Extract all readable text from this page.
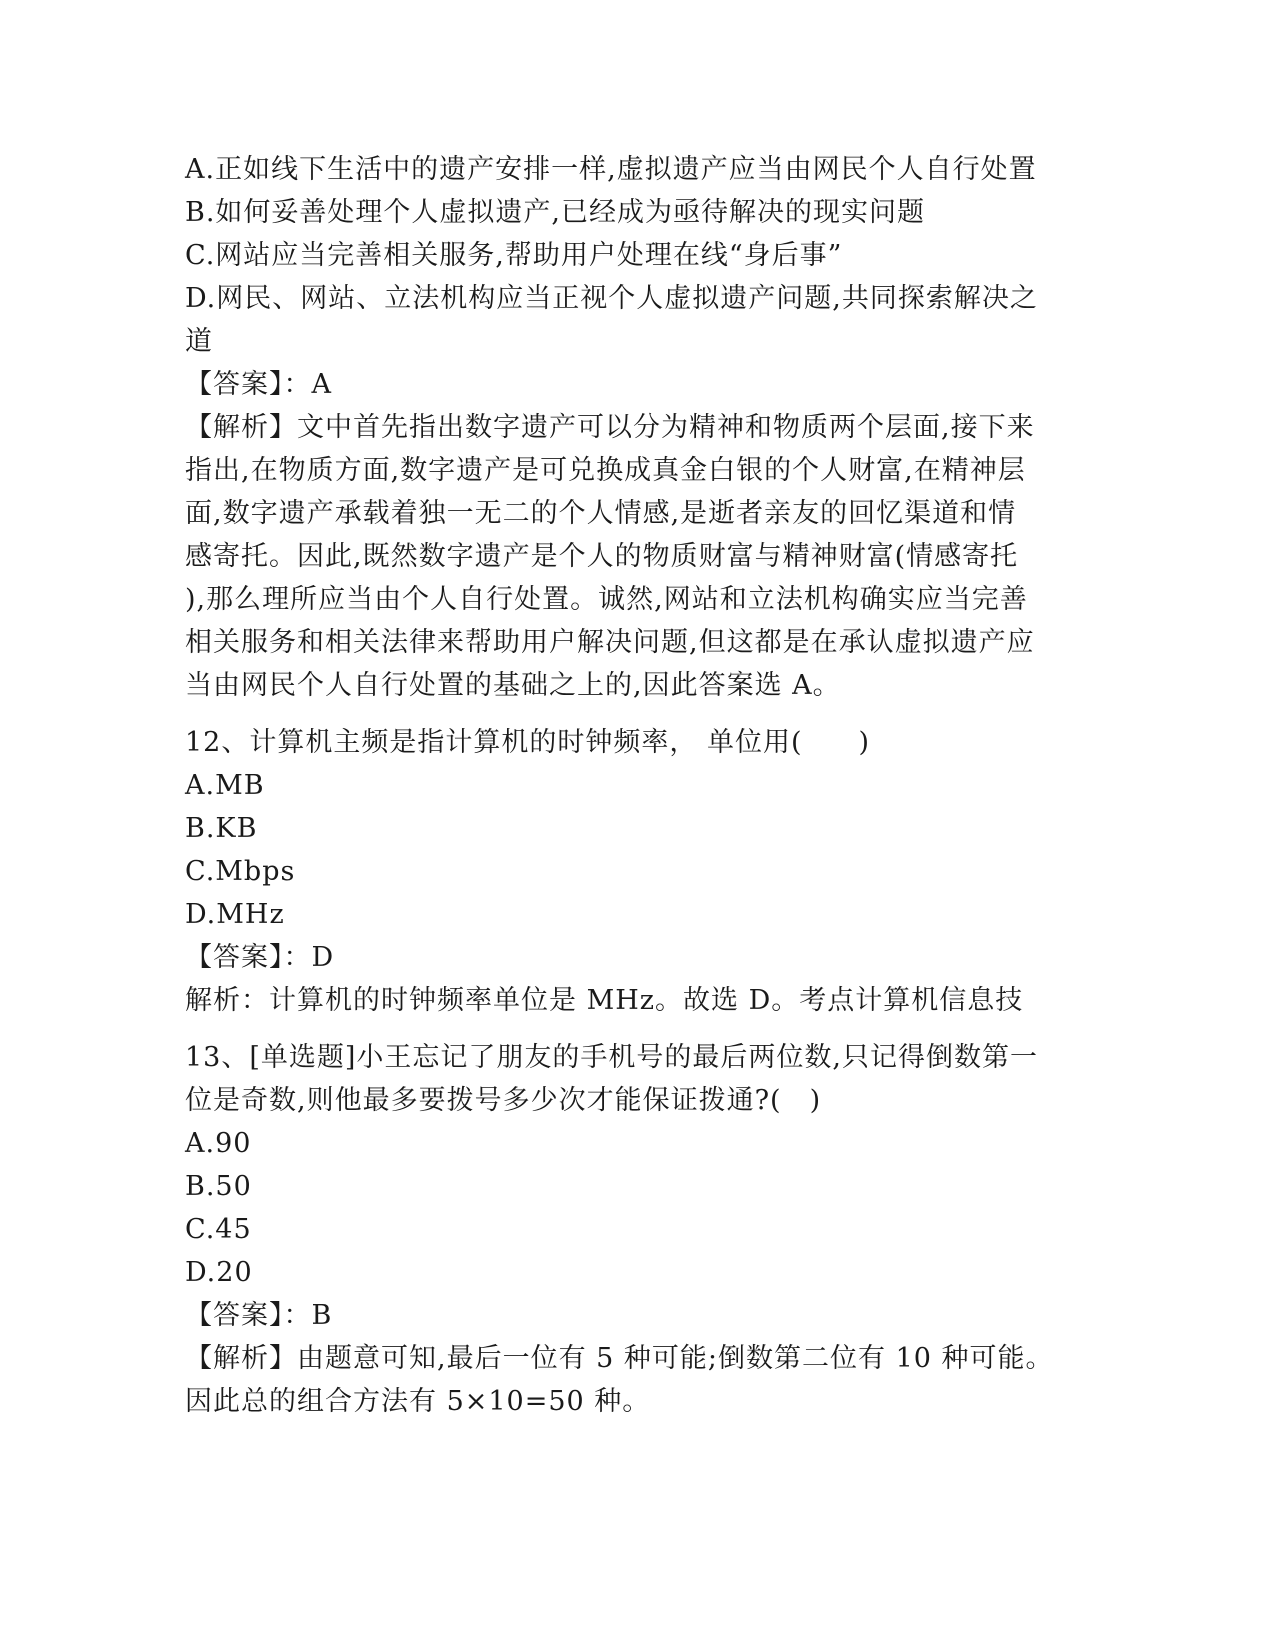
A.正如线下生活中的遗产安排一样,虚拟遗产应当由网民个人自行处置
B.如何妥善处理个人虚拟遗产,已经成为亟待解决的现实问题
C.网站应当完善相关服务,帮助用户处理在线“身后事”
D.网民、网站、立法机构应当正视个人虚拟遗产问题,共同探索解决之
道
【答案】：A
【解析】文中首先指出数字遗产可以分为精神和物质两个层面,接下来
指出,在物质方面,数字遗产是可兑换成真金白银的个人财富,在精神层
面,数字遗产承载着独一无二的个人情感,是逝者亲友的回忆渠道和情
感寄托。因此,既然数字遗产是个人的物质财富与精神财富(情感寄托
),那么理所应当由个人自行处置。诚然,网站和立法机构确实应当完善
相关服务和相关法律来帮助用户解决问题,但这都是在承认虚拟遗产应
当由网民个人自行处置的基础之上的,因此答案选 A。
12、计算机主频是指计算机的时钟频率， 单位用(　　)
A.MB
B.KB
C.Mbps
D.MHz
【答案】：D
解析：计算机的时钟频率单位是 MHz。故选 D。考点计算机信息技
13、[单选题]小王忘记了朋友的手机号的最后两位数,只记得倒数第一
位是奇数,则他最多要拨号多少次才能保证拨通?(　)
A.90
B.50
C.45
D.20
【答案】：B
【解析】由题意可知,最后一位有 5 种可能;倒数第二位有 10 种可能。
因此总的组合方法有 5×10=50 种。
